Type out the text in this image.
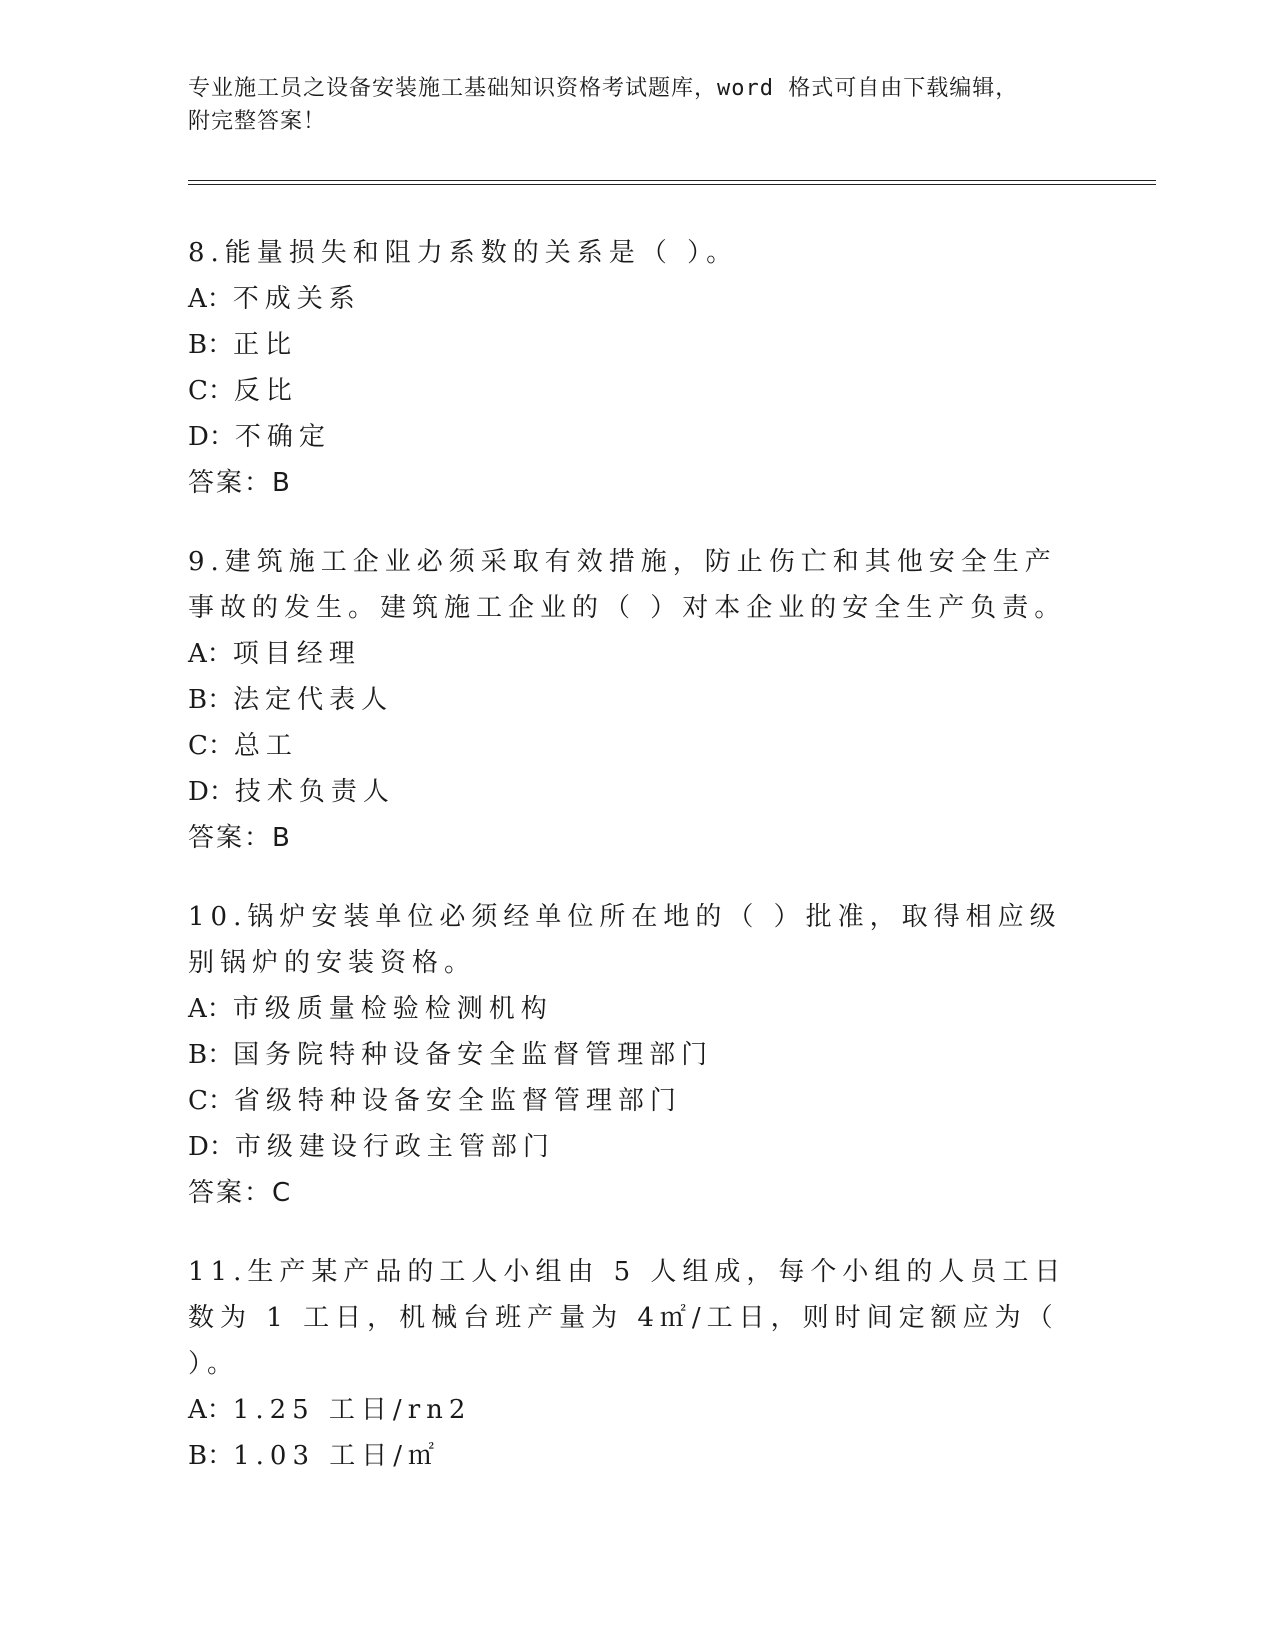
专业施工员之设备安装施工基础知识资格考试题库，word 格式可自由下载编辑，
附完整答案！

8.能量损失和阻力系数的关系是（ ）。

A：不成关系

B：正比

C：反比

D：不确定

答案：B

9.建筑施工企业必须采取有效措施，防止伤亡和其他安全生产事故的发生。建筑施工企业的（ ）对本企业的安全生产负责。

A：项目经理

B：法定代表人

C：总工

D：技术负责人

答案：B

10.锅炉安装单位必须经单位所在地的（ ）批准，取得相应级别锅炉的安装资格。

A：市级质量检验检测机构

B：国务院特种设备安全监督管理部门

C：省级特种设备安全监督管理部门

D：市级建设行政主管部门

答案：C

11.生产某产品的工人小组由 5 人组成，每个小组的人员工日数为 1 工日，机械台班产量为 4㎡/工日，则时间定额应为（ ）。

A：1.25 工日/rn2

B：1.03 工日/㎡
